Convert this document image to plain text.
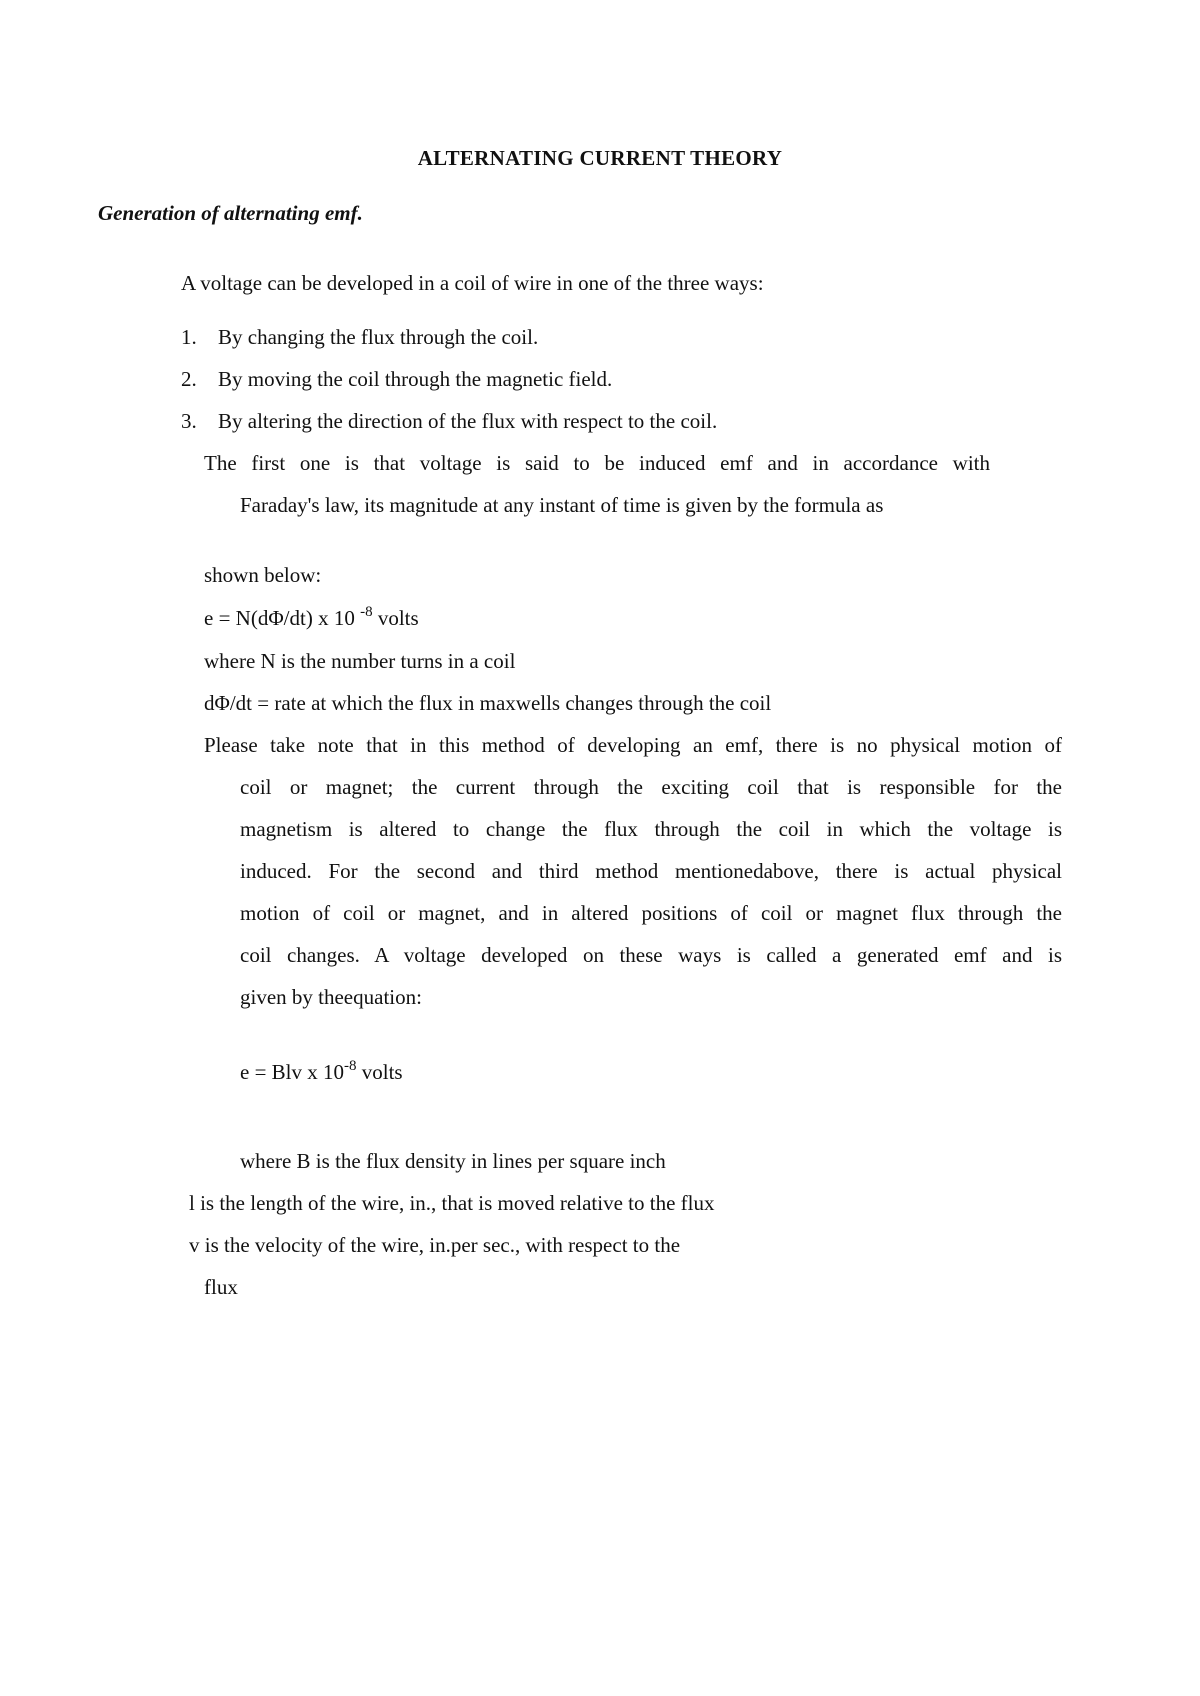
ALTERNATING CURRENT THEORY
Generation of alternating emf.
A voltage can be developed in a coil of wire in one of the three ways:
1. By changing the flux through the coil.
2. By moving the coil through the magnetic field.
3. By altering the direction of the flux with respect to the coil.
The first one is that voltage is said to be induced emf and in accordance with
Faraday's law, its magnitude at any instant of time is given by the formula as
shown below:
e = N(dΦ/dt) x 10 $^{-8}$ volts
where N is the number turns in a coil
dΦ/dt = rate at which the flux in maxwells changes through the coil
Please take note that in this method of developing an emf, there is no physical motion of
coil or magnet; the current through the exciting coil that is responsible for the
magnetism is altered to change the flux through the coil in which the voltage is
induced. For the second and third method mentionedabove, there is actual physical
motion of coil or magnet, and in altered positions of coil or magnet flux through the
coil changes. A voltage developed on these ways is called a generated emf and is
given by theequation:
e = Blv x $10^{-8}$ volts
where B is the flux density in lines per square inch
l is the length of the wire, in., that is moved relative to the flux
v is the velocity of the wire, in.per sec., with respect to the
flux
